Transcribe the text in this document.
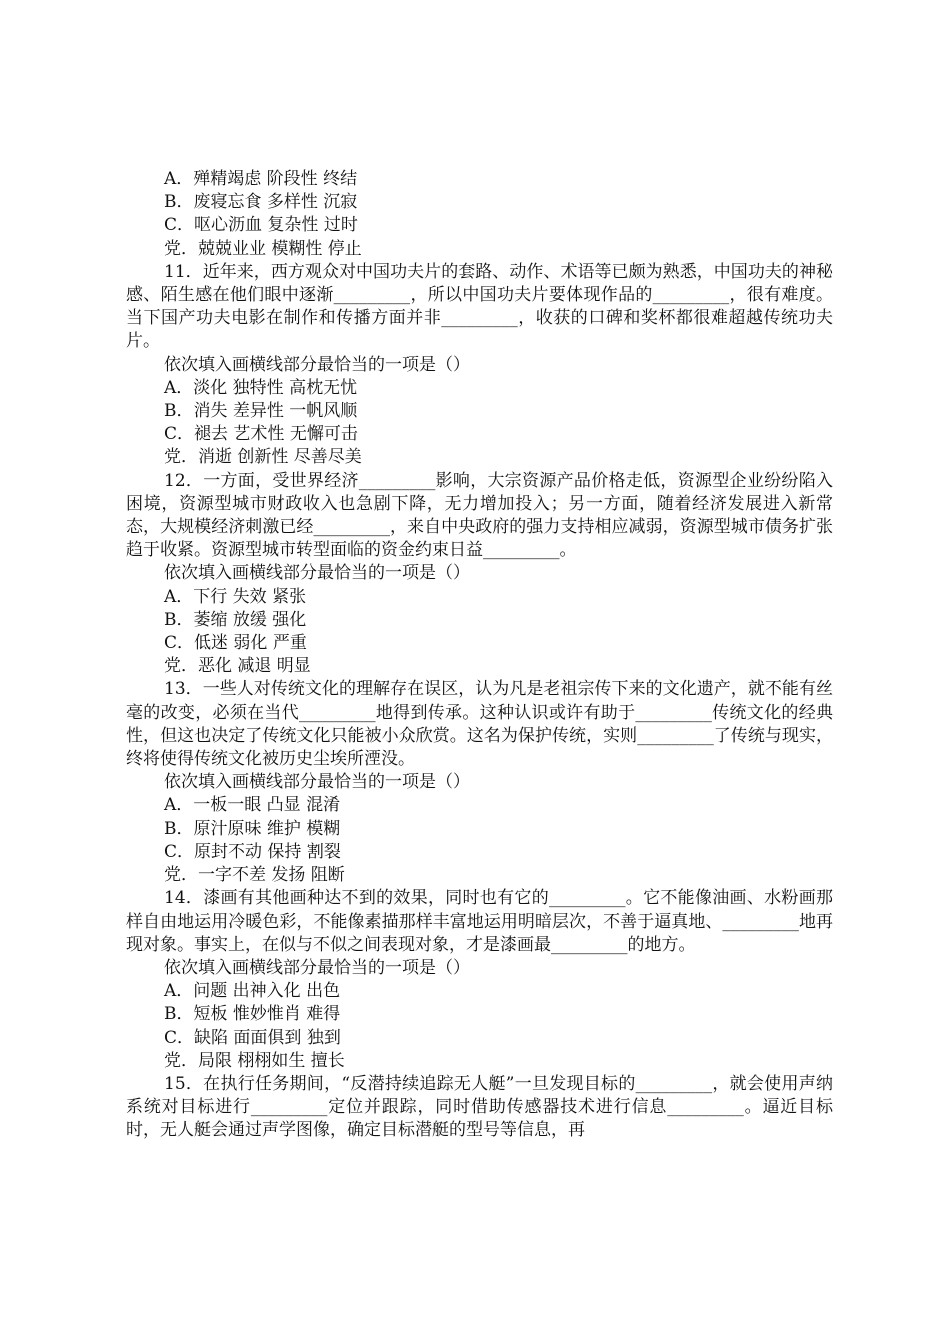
A．殚精竭虑 阶段性 终结
B．废寝忘食 多样性 沉寂
C．呕心沥血 复杂性 过时
党．兢兢业业 模糊性 停止
11．近年来，西方观众对中国功夫片的套路、动作、术语等已颇为熟悉，中国功夫的神秘感、陌生感在他们眼中逐渐_________，所以中国功夫片要体现作品的_________，很有难度。当下国产功夫电影在制作和传播方面并非_________，收获的口碑和奖杯都很难超越传统功夫片。
依次填入画横线部分最恰当的一项是（）
A．淡化 独特性 高枕无忧
B．消失 差异性 一帆风顺
C．褪去 艺术性 无懈可击
党．消逝 创新性 尽善尽美
12．一方面，受世界经济_________影响，大宗资源产品价格走低，资源型企业纷纷陷入困境，资源型城市财政收入也急剧下降，无力增加投入；另一方面，随着经济发展进入新常态，大规模经济刺激已经_________，来自中央政府的强力支持相应减弱，资源型城市债务扩张趋于收紧。资源型城市转型面临的资金约束日益_________。
依次填入画横线部分最恰当的一项是（）
A．下行 失效 紧张
B．萎缩 放缓 强化
C．低迷 弱化 严重
党．恶化 减退 明显
13．一些人对传统文化的理解存在误区，认为凡是老祖宗传下来的文化遗产，就不能有丝毫的改变，必须在当代_________地得到传承。这种认识或许有助于_________传统文化的经典性，但这也决定了传统文化只能被小众欣赏。这名为保护传统，实则_________了传统与现实，终将使得传统文化被历史尘埃所湮没。
依次填入画横线部分最恰当的一项是（）
A．一板一眼 凸显 混淆
B．原汁原味 维护 模糊
C．原封不动 保持 割裂
党．一字不差 发扬 阻断
14．漆画有其他画种达不到的效果，同时也有它的_________。它不能像油画、水粉画那样自由地运用冷暖色彩，不能像素描那样丰富地运用明暗层次，不善于逼真地、_________地再现对象。事实上，在似与不似之间表现对象，才是漆画最_________的地方。
依次填入画横线部分最恰当的一项是（）
A．问题 出神入化 出色
B．短板 惟妙惟肖 难得
C．缺陷 面面俱到 独到
党．局限 栩栩如生 擅长
15．在执行任务期间，“反潜持续追踪无人艇”一旦发现目标的_________，就会使用声纳系统对目标进行_________定位并跟踪，同时借助传感器技术进行信息_________。逼近目标时，无人艇会通过声学图像，确定目标潜艇的型号等信息，再
